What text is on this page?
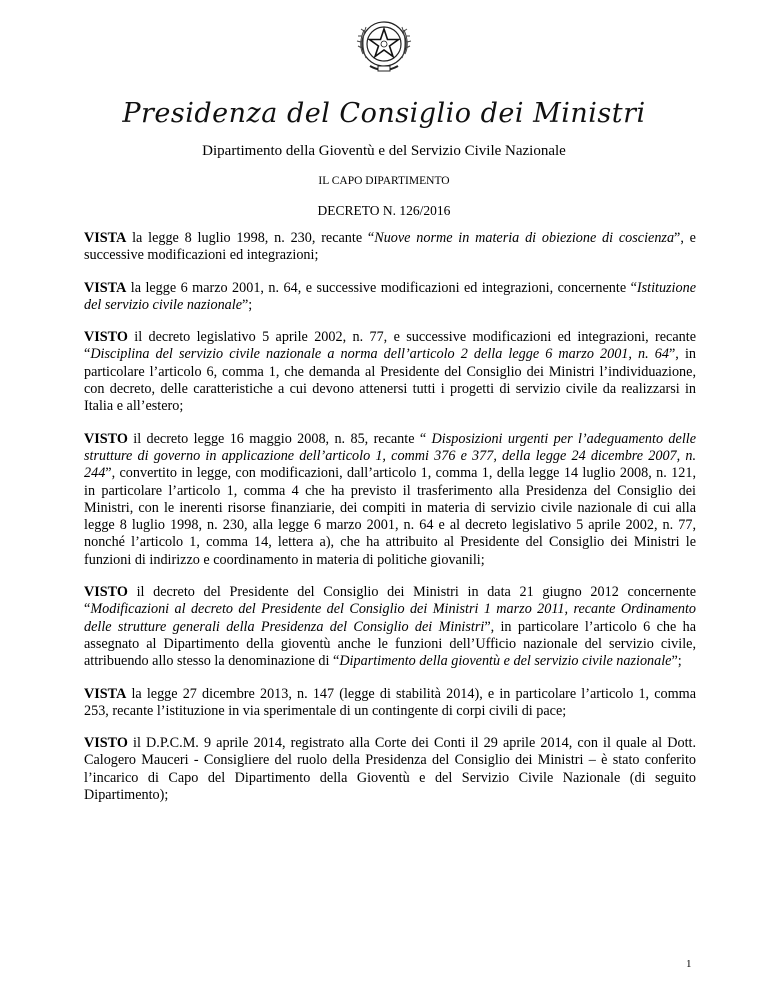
Presidenza del Consiglio dei Ministri
Dipartimento della Gioventù e del Servizio Civile Nazionale
IL CAPO DIPARTIMENTO
DECRETO N. 126/2016

VISTA la legge 8 luglio 1998, n. 230, recante “Nuove norme in materia di obiezione di coscienza”, e successive modificazioni ed integrazioni;

VISTA la legge 6 marzo 2001, n. 64, e successive modificazioni ed integrazioni, concernente “Istituzione del servizio civile nazionale”;

VISTO il decreto legislativo 5 aprile 2002, n. 77, e successive modificazioni ed integrazioni, recante “Disciplina del servizio civile nazionale a norma dell’articolo 2 della legge 6 marzo 2001, n. 64”, in particolare l’articolo 6, comma 1, che demanda al Presidente del Consiglio dei Ministri l’individuazione, con decreto, delle caratteristiche a cui devono attenersi tutti i progetti di servizio civile da realizzarsi in Italia e all’estero;

VISTO il decreto legge 16 maggio 2008, n. 85, recante “ Disposizioni urgenti per l’adeguamento delle strutture di governo in applicazione dell’articolo 1, commi 376 e 377, della legge 24 dicembre 2007, n. 244”, convertito in legge, con modificazioni, dall’articolo 1, comma 1, della legge 14 luglio 2008, n. 121, in particolare l’articolo 1, comma 4 che ha previsto il trasferimento alla Presidenza del Consiglio dei Ministri, con le inerenti risorse finanziarie, dei compiti in materia di servizio civile nazionale di cui alla legge 8 luglio 1998, n. 230, alla legge 6 marzo 2001, n. 64 e al decreto legislativo 5 aprile 2002, n. 77, nonché l’articolo 1, comma 14, lettera a), che ha attribuito al Presidente del Consiglio dei Ministri le funzioni di indirizzo e coordinamento in materia di politiche giovanili;

VISTO il decreto del Presidente del Consiglio dei Ministri in data 21 giugno 2012 concernente “Modificazioni al decreto del Presidente del Consiglio dei Ministri 1 marzo 2011, recante Ordinamento delle strutture generali della Presidenza del Consiglio dei Ministri”, in particolare l’articolo 6 che ha assegnato al Dipartimento della gioventù anche le funzioni dell’Ufficio nazionale del servizio civile, attribuendo allo stesso la denominazione di “Dipartimento della gioventù e del servizio civile nazionale”;

VISTA la legge 27 dicembre 2013, n. 147 (legge di stabilità 2014), e in particolare l’articolo 1, comma 253, recante l’istituzione in via sperimentale di un contingente di corpi civili di pace;

VISTO il D.P.C.M. 9 aprile 2014, registrato alla Corte dei Conti il 29 aprile 2014, con il quale al Dott. Calogero Mauceri - Consigliere del ruolo della Presidenza del Consiglio dei Ministri – è stato conferito l’incarico di Capo del Dipartimento della Gioventù e del Servizio Civile Nazionale (di seguito Dipartimento);

1
